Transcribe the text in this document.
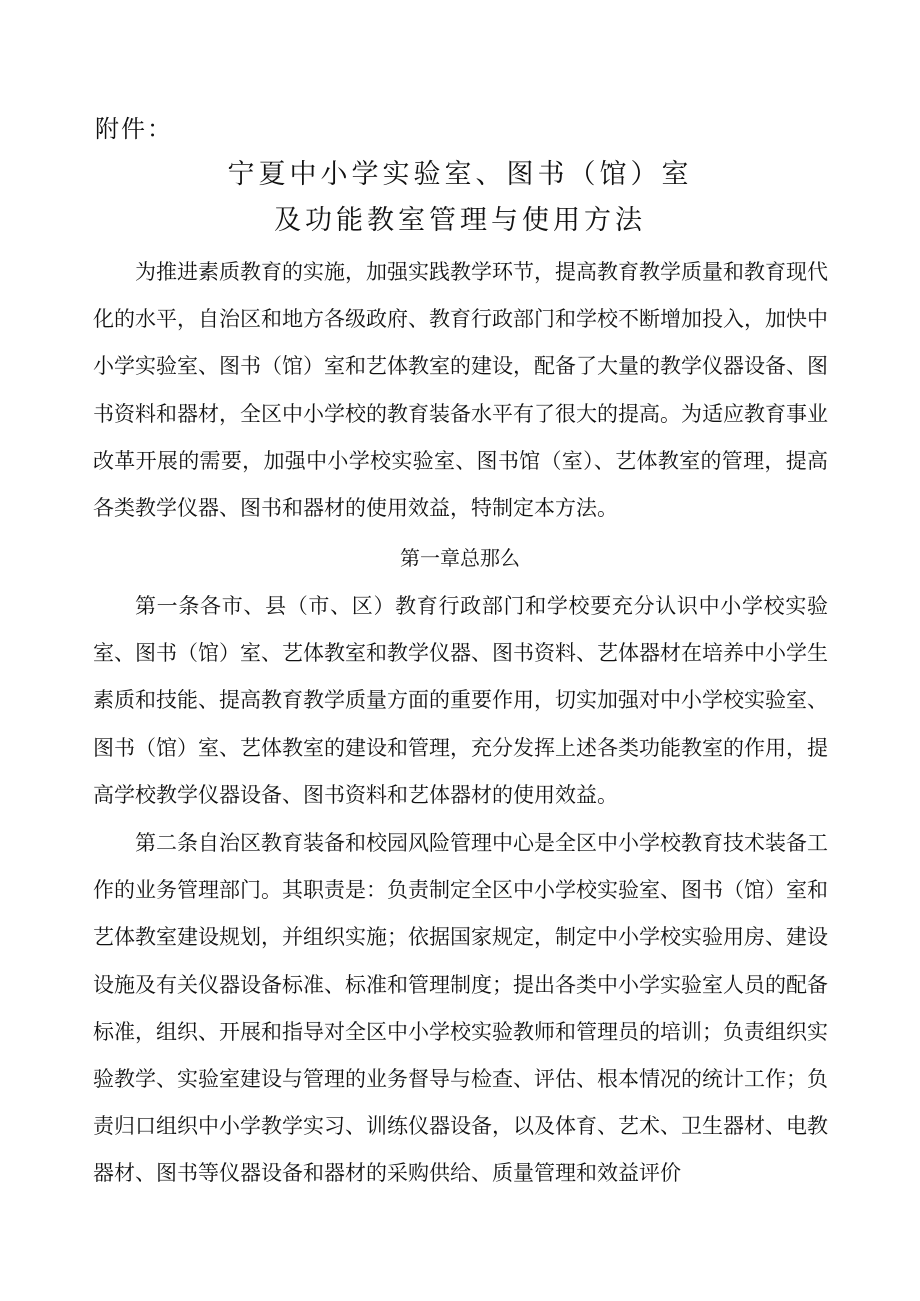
附件：
宁夏中小学实验室、图书（馆）室
及功能教室管理与使用方法

为推进素质教育的实施，加强实践教学环节，提高教育教学质量和教育现代化的水平，自治区和地方各级政府、教育行政部门和学校不断增加投入，加快中小学实验室、图书（馆）室和艺体教室的建设，配备了大量的教学仪器设备、图书资料和器材，全区中小学校的教育装备水平有了很大的提高。为适应教育事业改革开展的需要，加强中小学校实验室、图书馆（室）、艺体教室的管理，提高各类教学仪器、图书和器材的使用效益，特制定本方法。

第一章总那么

第一条各市、县（市、区）教育行政部门和学校要充分认识中小学校实验室、图书（馆）室、艺体教室和教学仪器、图书资料、艺体器材在培养中小学生素质和技能、提高教育教学质量方面的重要作用，切实加强对中小学校实验室、图书（馆）室、艺体教室的建设和管理，充分发挥上述各类功能教室的作用，提高学校教学仪器设备、图书资料和艺体器材的使用效益。

第二条自治区教育装备和校园风险管理中心是全区中小学校教育技术装备工作的业务管理部门。其职责是：负责制定全区中小学校实验室、图书（馆）室和艺体教室建设规划，并组织实施；依据国家规定，制定中小学校实验用房、建设设施及有关仪器设备标准、标准和管理制度；提出各类中小学实验室人员的配备标准，组织、开展和指导对全区中小学校实验教师和管理员的培训；负责组织实验教学、实验室建设与管理的业务督导与检查、评估、根本情况的统计工作；负责归口组织中小学教学实习、训练仪器设备，以及体育、艺术、卫生器材、电教器材、图书等仪器设备和器材的采购供给、质量管理和效益评价
